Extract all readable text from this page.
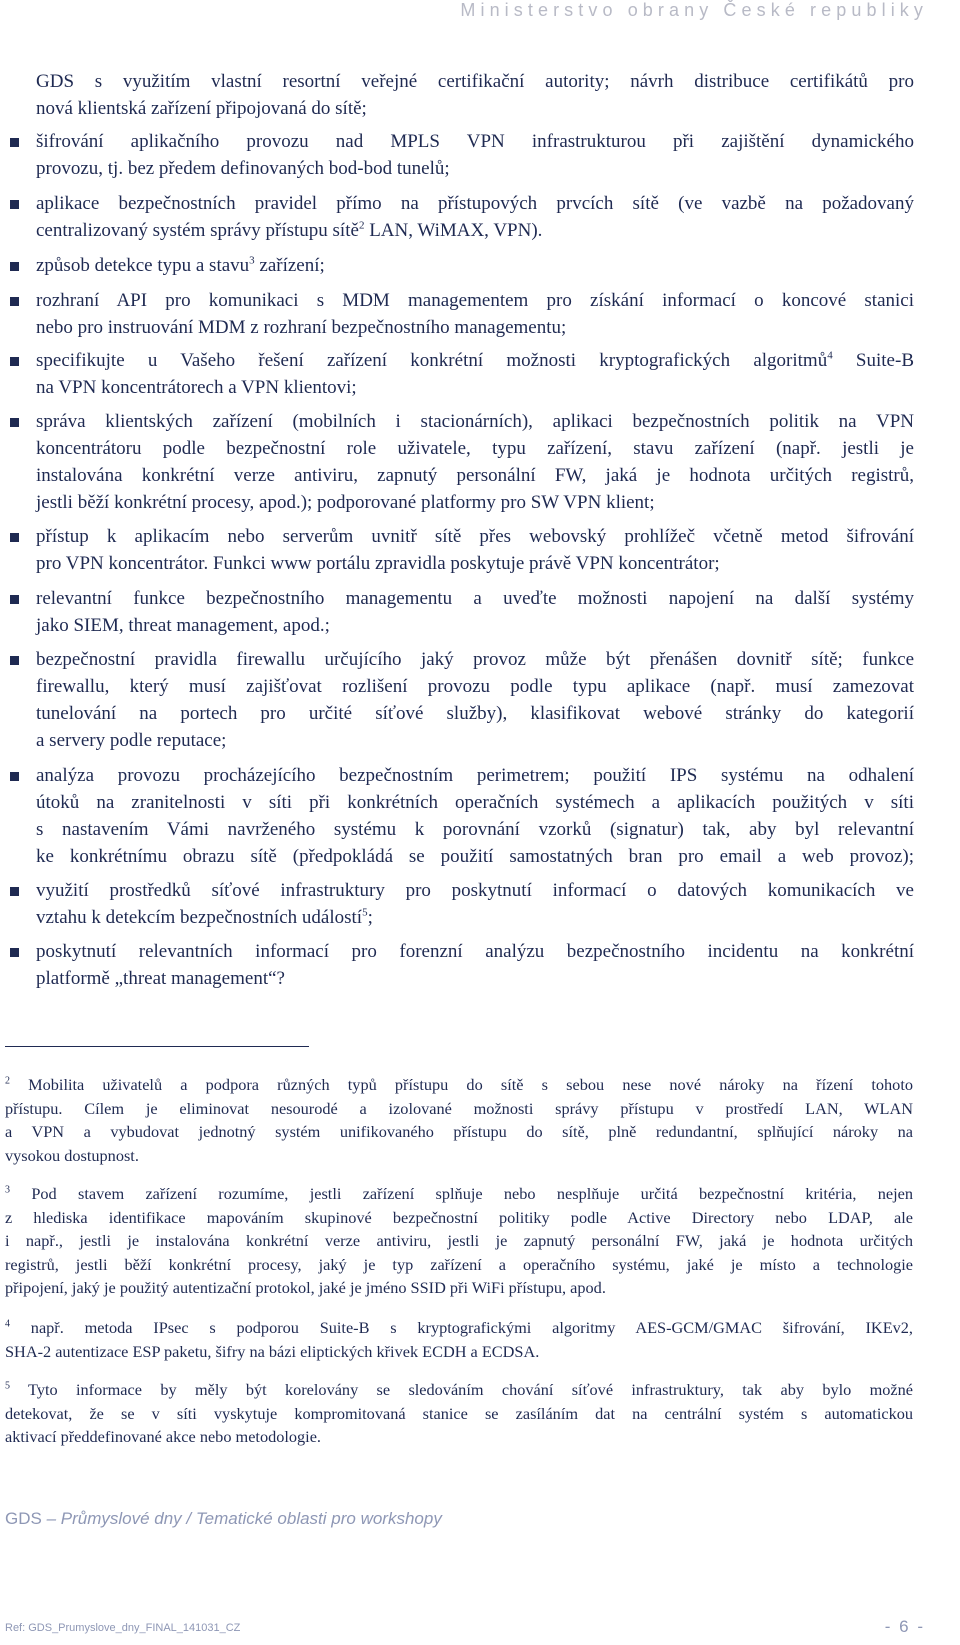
Ministerstvo obrany České republiky
GDS s využitím vlastní resortní veřejné certifikační autority; návrh distribuce certifikátů pro
nová klientská zařízení připojovaná do sítě;
šifrování aplikačního provozu nad MPLS VPN infrastrukturou při zajištění dynamického
provozu, tj. bez předem definovaných bod-bod tunelů;
aplikace bezpečnostních pravidel přímo na přístupových prvcích sítě (ve vazbě na požadovaný
centralizovaný systém správy přístupu sítě$^2$ LAN, WiMAX, VPN).
způsob detekce typu a stavu$^3$ zařízení;
rozhraní API pro komunikaci s MDM managementem pro získání informací o koncové stanici
nebo pro instruování MDM z rozhraní bezpečnostního managementu;
specifikujte u Vašeho řešení zařízení konkrétní možnosti kryptografických algoritmů$^4$ Suite-B
na VPN koncentrátorech a VPN klientovi;
správa klientských zařízení (mobilních i stacionárních), aplikaci bezpečnostních politik na VPN
koncentrátoru podle bezpečnostní role uživatele, typu zařízení, stavu zařízení (např. jestli je
instalována konkrétní verze antiviru, zapnutý personální FW, jaká je hodnota určitých registrů,
jestli běží konkrétní procesy, apod.); podporované platformy pro SW VPN klient;
přístup k aplikacím nebo serverům uvnitř sítě přes webovský prohlížeč včetně metod šifrování
pro VPN koncentrátor. Funkci www portálu zpravidla poskytuje právě VPN koncentrátor;
relevantní funkce bezpečnostního managementu a uveďte možnosti napojení na další systémy
jako SIEM, threat management, apod.;
bezpečnostní pravidla firewallu určujícího jaký provoz může být přenášen dovnitř sítě; funkce
firewallu, který musí zajišťovat rozlišení provozu podle typu aplikace (např. musí zamezovat
tunelování na portech pro určité síťové služby), klasifikovat webové stránky do kategorií
a servery podle reputace;
analýza provozu procházejícího bezpečnostním perimetrem; použití IPS systému na odhalení
útoků na zranitelnosti v síti při konkrétních operačních systémech a aplikacích použitých v síti
s nastavením Vámi navrženého systému k porovnání vzorků (signatur) tak, aby byl relevantní
ke konkrétnímu obrazu sítě (předpokládá se použití samostatných bran pro email a web provoz);
využití prostředků síťové infrastruktury pro poskytnutí informací o datových komunikacích ve
vztahu k detekcím bezpečnostních událostí$^5$;
poskytnutí relevantních informací pro forenzní analýzu bezpečnostního incidentu na konkrétní
platformě „threat management“?
$^2$ Mobilita uživatelů a podpora různých typů přístupu do sítě s sebou nese nové nároky na řízení tohoto
přístupu. Cílem je eliminovat nesourodé a izolované možnosti správy přístupu v prostředí LAN, WLAN
a VPN a vybudovat jednotný systém unifikovaného přístupu do sítě, plně redundantní, splňující nároky na
vysokou dostupnost.
$^3$ Pod stavem zařízení rozumíme, jestli zařízení splňuje nebo nesplňuje určitá bezpečnostní kritéria, nejen
z hlediska identifikace mapováním skupinové bezpečnostní politiky podle Active Directory nebo LDAP, ale
i např., jestli je instalována konkrétní verze antiviru, jestli je zapnutý personální FW, jaká je hodnota určitých
registrů, jestli běží konkrétní procesy, jaký je typ zařízení a operačního systému, jaké je místo a technologie
připojení, jaký je použitý autentizační protokol, jaké je jméno SSID při WiFi přístupu, apod.
$^4$ např. metoda IPsec s podporou Suite-B s kryptografickými algoritmy AES-GCM/GMAC šifrování, IKEv2,
SHA-2 autentizace ESP paketu, šifry na bázi eliptických křivek ECDH a ECDSA.
$^5$ Tyto informace by měly být korelovány se sledováním chování síťové infrastruktury, tak aby bylo možné
detekovat, že se v síti vyskytuje kompromitovaná stanice se zasíláním dat na centrální systém s automatickou
aktivací předdefinované akce nebo metodologie.
GDS – Průmyslové dny / Tematické oblasti pro workshopy
Ref: GDS_Prumyslove_dny_FINAL_141031_CZ	- 6 -
